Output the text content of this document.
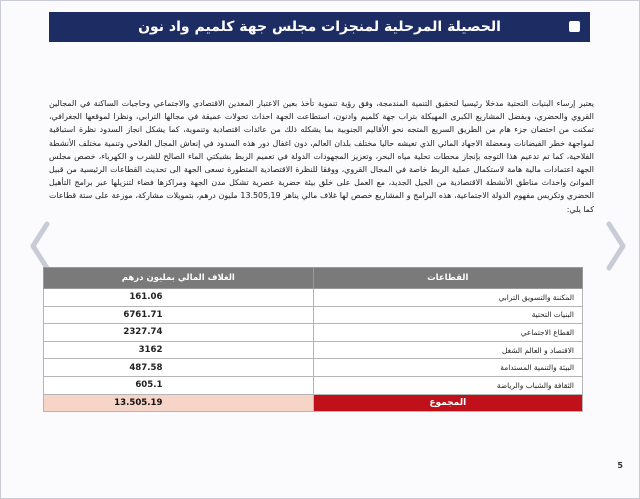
الحصيلة المرحلية لمنجزات مجلس جهة كلميم واد نون
يعتبر إرساء البنيات التحتية مدخلا رئيسيا لتحقيق التنمية المندمجة، وفق رؤية تنموية تأخذ بعين الاعتبار المعدين الاقتصادي والاجتماعي وحاجيات الساكنة في المجالين القروي والحضري، وبفضل المشاريع الكبرى المهيكلة بتراب جهة كلميم وادنون، استطاعت الجهة احداث تحولات عميقة في مجالها الترابي، ونظرا لموقعها الجغرافي، تمكنت من احتضان جزء هام من الطريق السريع المتجه نحو الأقاليم الجنوبية بما يشكله ذلك من عائدات اقتصادية وتنموية، كما يشكل انجاز السدود نظرة استباقية لمواجهة خطر الفيضانات ومعضلة الاجهاد المائي الذي تعيشه حاليا مختلف بلدان العالم، دون اغفال دور هذه السدود في إنعاش المجال الفلاحي وتنمية مختلف الأنشطة الفلاحية، كما تم تدعيم هذا التوجه بإنجاز محطات تحلية مياه البحر، وتعزيز المجهودات الدولة في تعميم الربط بشبكتي الماء الصالح للشرب و الكهرباء، خصص مجلس الجهة اعتمادات مالية هامة لاستكمال عملية الربط خاصة في المجال القروي، ووفقا للنظرة الاقتصادية المتطورة تسعى الجهة الى تحديث القطاعات الرئيسية من قبيل الموانئ واحداث مناطق الأنشطة الاقتصادية من الجيل الجديد، مع العمل على خلق بيئة حضرية عصرية تشكل مدن الجهة ومراكزها فضاء لتنزيلها عبر برامج التأهيل الحضري وتكريس مفهوم الدولة الاجتماعية، هذه البرامج و المشاريع خصص لها غلاف مالي يناهز 13.505,19 مليون درهم، بتمويلات مشاركة، موزعة على ستة قطاعات كما يلي:
القطاعات	الغلاف المالي بمليون درهم
المكننة والتسويق الترابي	161.06
البنيات التحتية	6761.71
القطاع الاجتماعي	2327.74
الاقتصاد و العالم الشغل	3162
البيئة والتنمية المستدامة	487.58
الثقافة والشباب والرياضة	605.1
المجموع	13.505.19
5
